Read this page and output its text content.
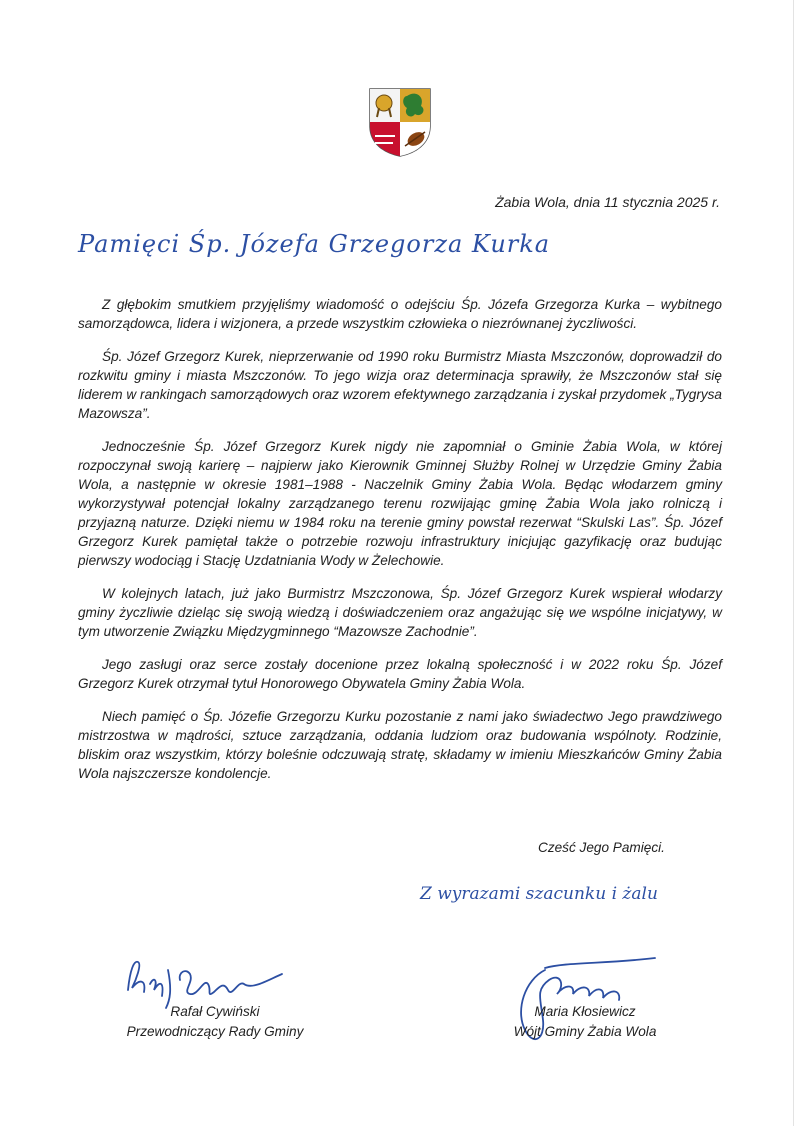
Żabia Wola, dnia 11 stycznia 2025 r.
Pamięci Śp. Józefa Grzegorza Kurka

Z głębokim smutkiem przyjęliśmy wiadomość o odejściu Śp. Józefa Grzegorza Kurka – wybitnego samorządowca, lidera i wizjonera, a przede wszystkim człowieka o niezrównanej życzliwości.

Śp. Józef Grzegorz Kurek, nieprzerwanie od 1990 roku Burmistrz Miasta Mszczonów, doprowadził do rozkwitu gminy i miasta Mszczonów. To jego wizja oraz determinacja sprawiły, że Mszczonów stał się liderem w rankingach samorządowych oraz wzorem efektywnego zarządzania i zyskał przydomek „Tygrysa Mazowsza”.

Jednocześnie Śp. Józef Grzegorz Kurek nigdy nie zapomniał o Gminie Żabia Wola, w której rozpoczynał swoją karierę – najpierw jako Kierownik Gminnej Służby Rolnej w Urzędzie Gminy Żabia Wola, a następnie w okresie 1981–1988 - Naczelnik Gminy Żabia Wola. Będąc włodarzem gminy wykorzystywał potencjał lokalny zarządzanego terenu rozwijając gminę Żabia Wola jako rolniczą i przyjazną naturze. Dzięki niemu w 1984 roku na terenie gminy powstał rezerwat “Skulski Las”. Śp. Józef Grzegorz Kurek pamiętał także o potrzebie rozwoju infrastruktury inicjując gazyfikację oraz budując pierwszy wodociąg i Stację Uzdatniania Wody w Żelechowie.

W kolejnych latach, już jako Burmistrz Mszczonowa, Śp. Józef Grzegorz Kurek wspierał włodarzy gminy życzliwie dzieląc się swoją wiedzą i doświadczeniem oraz angażując się we wspólne inicjatywy, w tym utworzenie Związku Międzygminnego “Mazowsze Zachodnie”.

Jego zasługi oraz serce zostały docenione przez lokalną społeczność i w 2022 roku Śp. Józef Grzegorz Kurek otrzymał tytuł Honorowego Obywatela Gminy Żabia Wola.

Niech pamięć o Śp. Józefie Grzegorzu Kurku pozostanie z nami jako świadectwo Jego prawdziwego mistrzostwa w mądrości, sztuce zarządzania, oddania ludziom oraz budowania wspólnoty. Rodzinie, bliskim oraz wszystkim, którzy boleśnie odczuwają stratę, składamy w imieniu Mieszkańców Gminy Żabia Wola najszczersze kondolencje.

Cześć Jego Pamięci.
Z wyrazami szacunku i żalu
Rafał Cywiński
Przewodniczący Rady Gminy
Maria Kłosiewicz
Wójt Gminy Żabia Wola
